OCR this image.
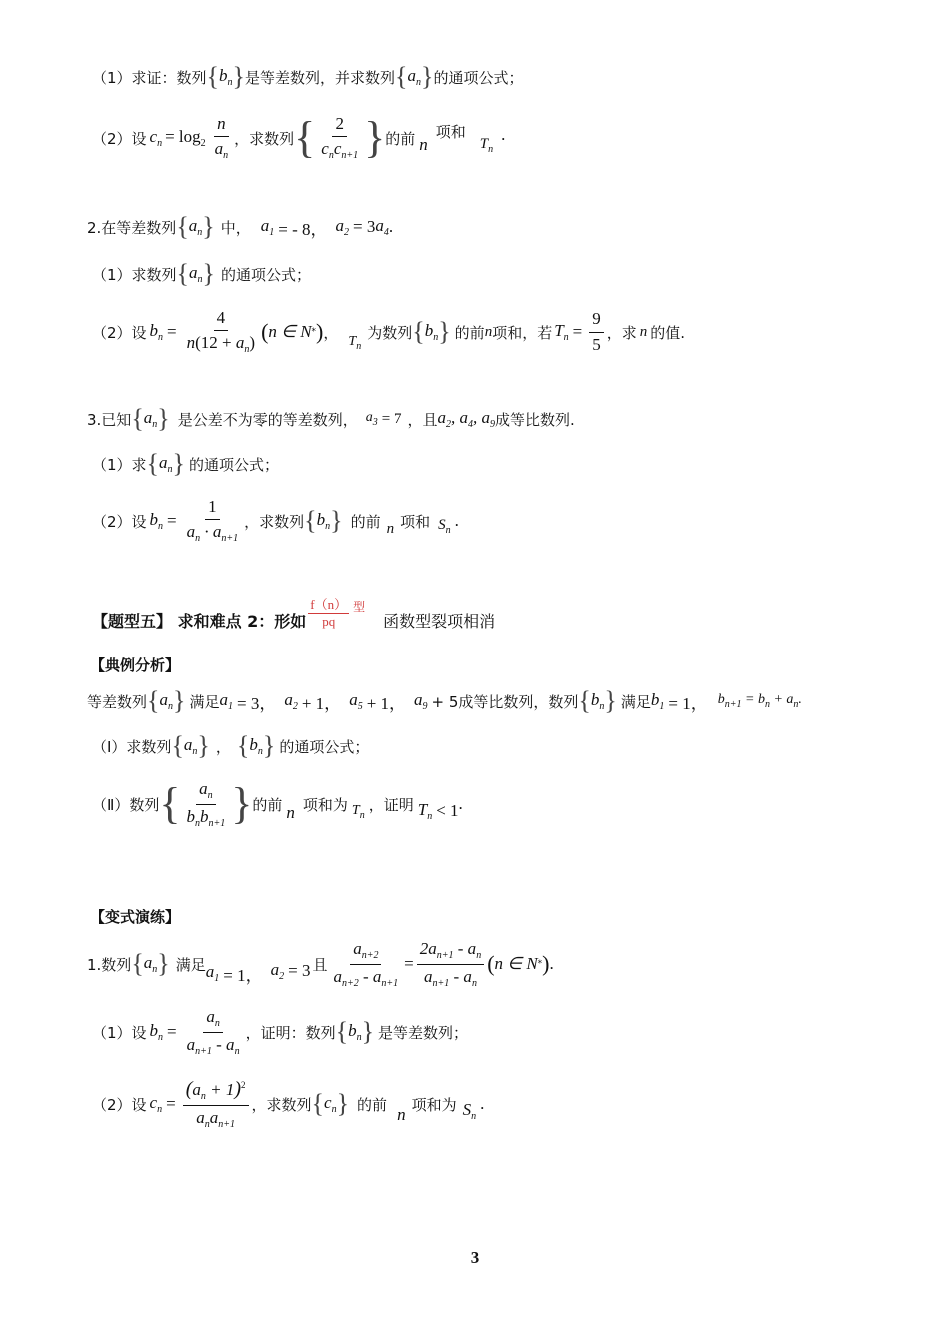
（1）求证：数列 { $b_n$ } 是等差数列，并求数列 { $a_n$ } 的通项公式；
（2）设 $c_n = \log_2 \frac{n}{a_n}$ ，求数列 { $\frac{2}{c_nc_{n+1}}$ } 的前 n
项和
$T_n$
.
2.在等差数列 { $a_n$ } 中， $a_1$ = - 8， $a_2 = 3$ $a_4$ .
（1）求数列 { $a_n$ } 的通项公式；
（2）设 $b_n = \frac{4}{n(12 + a_n)}$ ( n ∈ N * ) ， $T_n$
为数列 { $b_n$ } 的前 n 项和，若 $T_n = \frac{9}{5}$ ，求 n 的值.
3.已知 { $a_n$ } 是公差不为零的等差数列， $a_3 = 7$ ，且 $a_2$, $a_4$, $a_9$ 成等比数列.
（1）求 { $a_n$ } 的通项公式；
（2）设 $b_n = \frac{1}{a_n \cdot a_{n+1}}$ ，求数列 { $b_n$ } 的前 n 项和 $S_n$ .
【题型五】 求和难点 2：形如
f（n）
pq
型
函数型裂项相消
【典例分析】
等差数列 { $a_n$ } 满足 $a_1 = 3$， $a_2 + 1$， $a_5 + 1$， $a_9 + 5$成等比数列，数列 { $b_n$ } 满足 $b_1 = 1$， $b_{n+1} = b_n + a_n$.
（Ⅰ）求数列 { $a_n$ } ， { $b_n$ } 的通项公式；
（Ⅱ）数列 { $\frac{a_n}{b_nb_{n+1}}$ } 的前 n 项和为 $T_n$
，证明 $T_n < 1$ .
【变式演练】
1.数列 { $a_n$ } 满足 $a_1 = 1$， $a_2 = 3$ 且 $\frac{a_{n+2}}{a_{n+2} - a_{n+1}} = \frac{2a_{n+1} - a_n}{a_{n+1} - a_n}$ ( n ∈ N * ) .
（1）设 $b_n = \frac{a_n}{a_{n+1} - a_n}$ ，证明：数列 { $b_n$ } 是等差数列；
（2）设 $c_n = \frac{(a_n + 1)^2}{a_na_{n+1}}$ ，求数列 { $c_n$ } 的前
n
项和为 $S_n$
.
3
